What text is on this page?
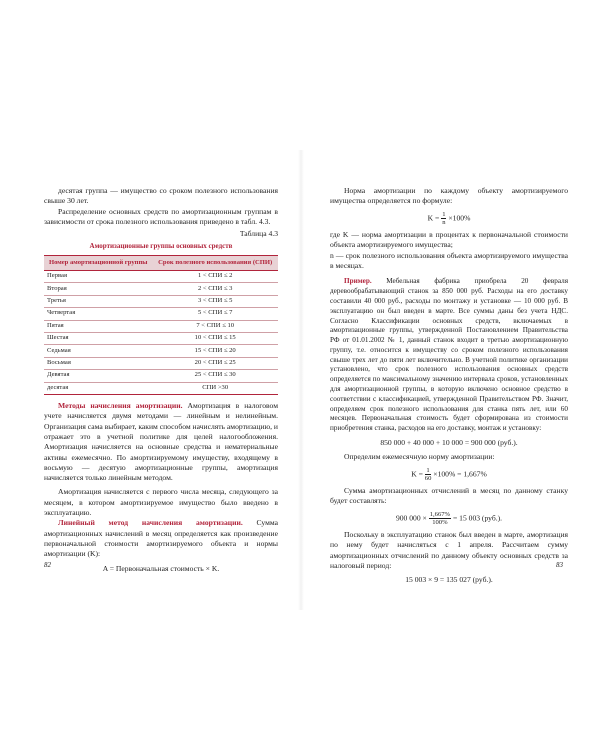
десятая группа — имущество со сроком полезного использования свыше 30 лет.

Распределение основных средств по амортизационным группам в зависимости от срока полезного использования приведено в табл. 4.3.

Таблица 4.3

Амортизационные группы основных средств

Номер амортизационной группы	Срок полезного использования (СПИ)
Первая	1 < СПИ ≤ 2
Вторая	2 < СПИ ≤ 3
Третья	3 < СПИ ≤ 5
Четвертая	5 < СПИ ≤ 7
Пятая	7 < СПИ ≤ 10
Шестая	10 < СПИ ≤ 15
Седьмая	15 < СПИ ≤ 20
Восьмая	20 < СПИ ≤ 25
Девятая	25 < СПИ ≤ 30
десятая	СПИ >30

Методы начисления амортизации. Амортизация в налоговом учете начисляется двумя методами — линейным и нелинейным. Организация сама выбирает, каким способом начислять амортизацию, и отражает это в учетной политике для целей налогообложения. Амортизация начисляется на основные средства и нематериальные активы ежемесячно. По амортизируемому имуществу, входящему в восьмую — десятую амортизационные группы, амортизация начисляется только линейным методом.

Амортизация начисляется с первого числа месяца, следующего за месяцем, в котором амортизируемое имущество было введено в эксплуатацию.

Линейный метод начисления амортизации. Сумма амортизационных начислений в месяц определяется как произведение первоначальной стоимости амортизируемого объекта и нормы амортизации (K):

A = Первоначальная стоимость × K.

82

Норма амортизации по каждому объекту амортизируемого имущества определяется по формуле:

$K = \frac{1}{n} \times 100\%$

где K — норма амортизации в процентах к первоначальной стоимости объекта амортизируемого имущества;

n — срок полезного использования объекта амортизируемого имущества в месяцах.

Пример. Мебельная фабрика приобрела 20 февраля деревообрабатывающий станок за 850 000 руб. Расходы на его доставку составили 40 000 руб., расходы по монтажу и установке — 10 000 руб. В эксплуатацию он был введен в марте. Все суммы даны без учета НДС. Согласно Классификации основных средств, включаемых в амортизационные группы, утвержденной Постановлением Правительства РФ от 01.01.2002 № 1, данный станок входит в третью амортизационную группу, т.е. относится к имуществу со сроком полезного использования свыше трех лет до пяти лет включительно. В учетной политике организации установлено, что срок полезного использования основных средств определяется по максимальному значению интервала сроков, установленных для амортизационной группы, в которую включено основное средство в соответствии с классификацией, утвержденной Правительством РФ. Значит, определяем срок полезного использования для станка пять лет, или 60 месяцев. Первоначальная стоимость будет сформирована из стоимости приобретения станка, расходов на его доставку, монтаж и установку:

850 000 + 40 000 + 10 000 = 900 000 (руб.).

Определим ежемесячную норму амортизации:

$K = \frac{1}{60} \times 100\% = 1,667\%$

Сумма амортизационных отчислений в месяц по данному станку будет составлять:

900 $000 \times \frac{1,667\%}{100\%} = 15$ 003 (руб.).

Поскольку в эксплуатацию станок был введен в марте, амортизация по нему будет начисляться с 1 апреля. Рассчитаем сумму амортизационных отчислений по данному объекту основных средств за налоговый период:

15 003 × 9 = 135 027 (руб.).

83
